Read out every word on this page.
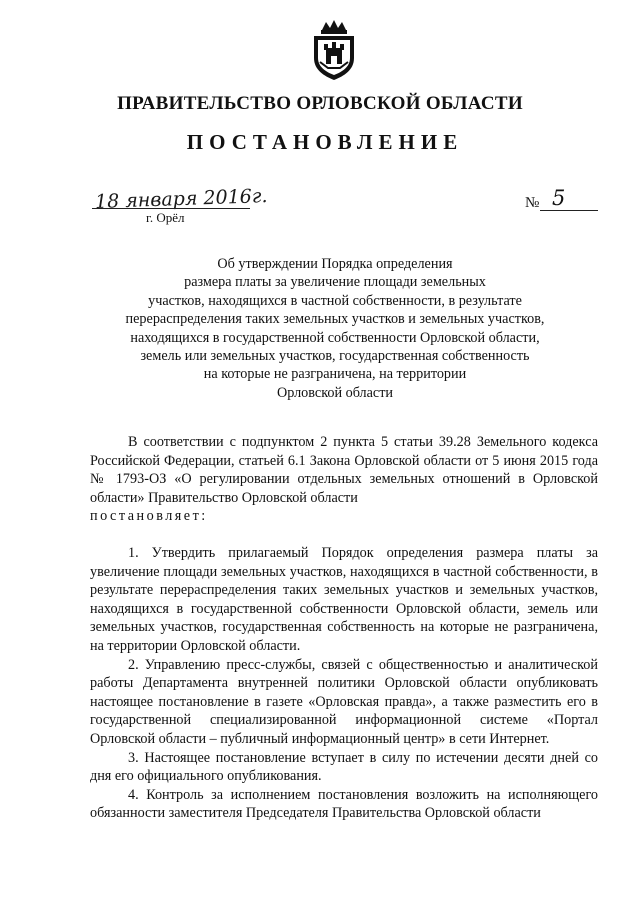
ПРАВИТЕЛЬСТВО ОРЛОВСКОЙ ОБЛАСТИ
ПОСТАНОВЛЕНИЕ
18 января 2016г.
г. Орёл
№ 5
Об утверждении Порядка определения
размера платы за увеличение площади земельных
участков, находящихся в частной собственности, в результате
перераспределения таких земельных участков и земельных участков,
находящихся в государственной собственности Орловской области,
земель или земельных участков, государственная собственность
на которые не разграничена, на территории
Орловской области

В соответствии с подпунктом 2 пункта 5 статьи 39.28 Земельного кодекса Российской Федерации, статьей 6.1 Закона Орловской области от 5 июня 2015 года № 1793-ОЗ «О регулировании отдельных земельных отношений в Орловской области» Правительство Орловской области

постановляет:

1. Утвердить прилагаемый Порядок определения размера платы за увеличение площади земельных участков, находящихся в частной собственности, в результате перераспределения таких земельных участков и земельных участков, находящихся в государственной собственности Орловской области, земель или земельных участков, государственная собственность на которые не разграничена, на территории Орловской области.

2. Управлению пресс-службы, связей с общественностью и аналитической работы Департамента внутренней политики Орловской области опубликовать настоящее постановление в газете «Орловская правда», а также разместить его в государственной специализированной информационной системе «Портал Орловской области – публичный информационный центр» в сети Интернет.

3. Настоящее постановление вступает в силу по истечении десяти дней со дня его официального опубликования.

4. Контроль за исполнением постановления возложить на исполняющего обязанности заместителя Председателя Правительства Орловской области
